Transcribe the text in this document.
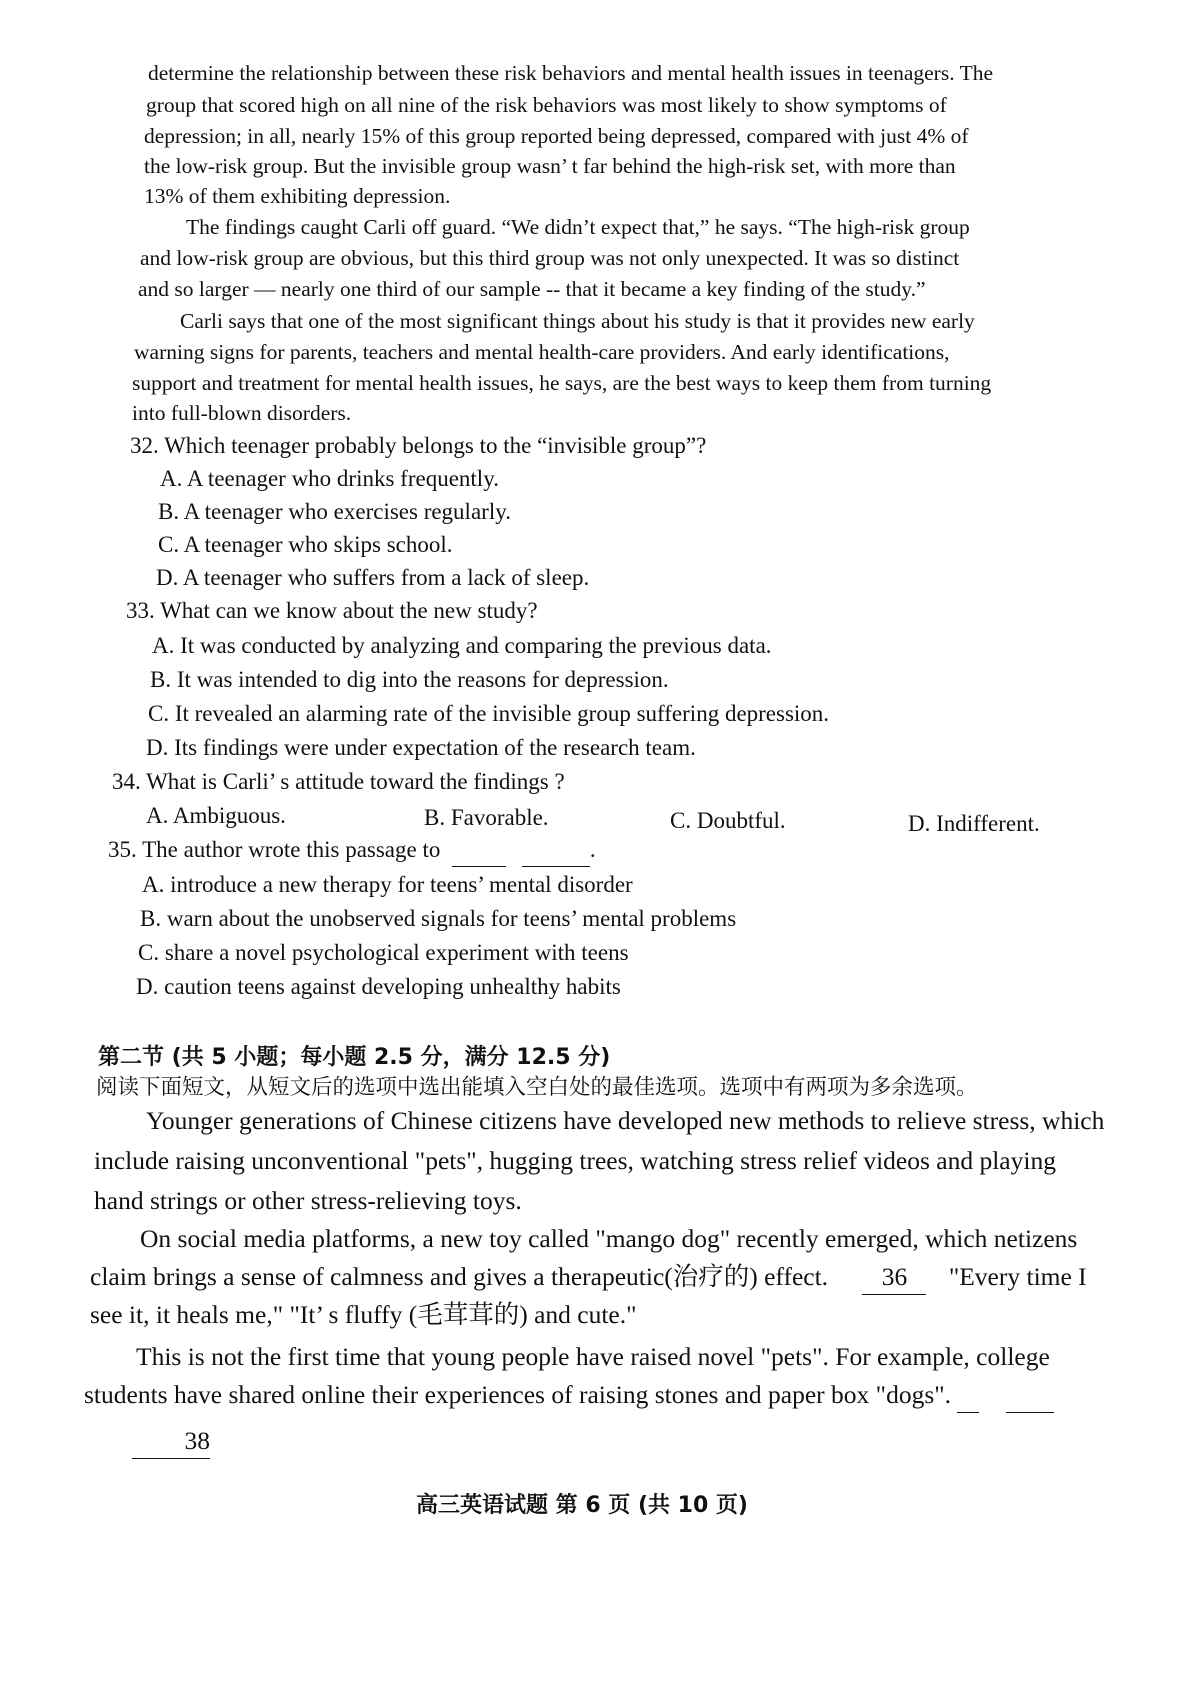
determine the relationship between these risk behaviors and mental health issues in teenagers. The
group that scored high on all nine of the risk behaviors was most likely to show symptoms of
depression; in all, nearly 15% of this group reported being depressed, compared with just 4% of
the low-risk group. But the invisible group wasn’ t far behind the high-risk set, with more than
13% of them exhibiting depression.
The findings caught Carli off guard. “We didn’t expect that,” he says. “The high-risk group
and low-risk group are obvious, but this third group was not only unexpected. It was so distinct
and so larger — nearly one third of our sample -- that it became a key finding of the study.”
Carli says that one of the most significant things about his study is that it provides new early
warning signs for parents, teachers and mental health-care providers. And early identifications,
support and treatment for mental health issues, he says, are the best ways to keep them from turning
into full-blown disorders.
32. Which teenager probably belongs to the “invisible group”?
A. A teenager who drinks frequently.
B. A teenager who exercises regularly.
C. A teenager who skips school.
D. A teenager who suffers from a lack of sleep.
33. What can we know about the new study?
A. It was conducted by analyzing and comparing the previous data.
B. It was intended to dig into the reasons for depression.
C. It revealed an alarming rate of the invisible group suffering depression.
D. Its findings were under expectation of the research team.
34. What is Carli’ s attitude toward the findings ?
A. Ambiguous.	B. Favorable.	C. Doubtful.	D. Indifferent.
35. The author wrote this passage to	.
A. introduce a new therapy for teens’ mental disorder
B. warn about the unobserved signals for teens’ mental problems
C. share a novel psychological experiment with teens
D. caution teens against developing unhealthy habits
第二节 (共 5 小题；每小题 2.5 分，满分 12.5 分)
阅读下面短文，从短文后的选项中选出能填入空白处的最佳选项。选项中有两项为多余选项。
Younger generations of Chinese citizens have developed new methods to relieve stress, which
include raising unconventional "pets", hugging trees, watching stress relief videos and playing
hand strings or other stress-relieving toys.
On social media platforms, a new toy called "mango dog" recently emerged, which netizens
claim brings a sense of calmness and gives a therapeutic(治疗的) effect. 36 "Every time I
see it, it heals me," "It’ s fluffy (毛茸茸的) and cute."
This is not the first time that young people have raised novel "pets". For example, college
students have shared online their experiences of raising stones and paper box "dogs".
38
高三英语试题 第 6 页 (共 10 页)
